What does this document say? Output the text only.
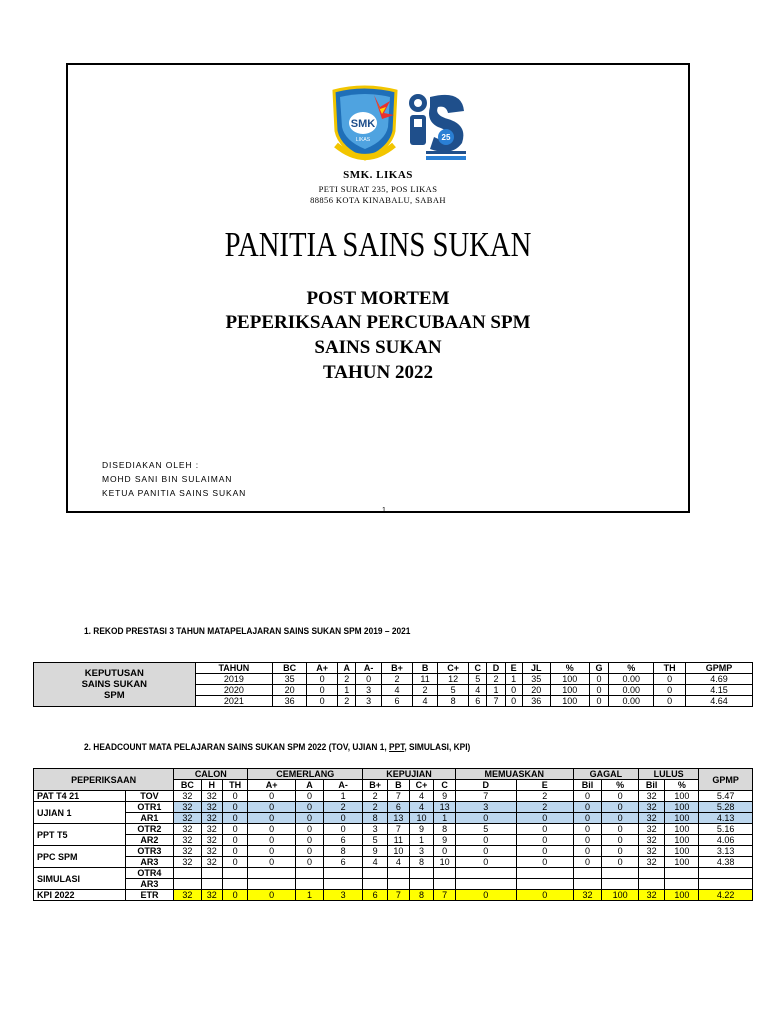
SMK
LIKAS	25
SMK. LIKAS
PETI SURAT 235, POS LIKAS
88856 KOTA KINABALU, SABAH
PANITIA SAINS SUKAN
POST MORTEM
PEPERIKSAAN PERCUBAAN SPM
SAINS SUKAN
TAHUN 2022
DISEDIAKAN OLEH :
MOHD SANI BIN SULAIMAN
KETUA PANITIA SAINS SUKAN
1
1. REKOD PRESTASI 3 TAHUN MATAPELAJARAN SAINS SUKAN SPM 2019 – 2021
KEPUTUSAN
SAINS SUKAN
SPM	TAHUN	BC	A+	A	A-	B+	B	C+	C	D	E	JL	%	G	%	TH	GPMP
	2019	35	0	2	0	2	11	12	5	2	1	35	100	0	0.00	0	4.69
	2020	20	0	1	3	4	2	5	4	1	0	20	100	0	0.00	0	4.15
	2021	36	0	2	3	6	4	8	6	7	0	36	100	0	0.00	0	4.64
2. HEADCOUNT MATA PELAJARAN SAINS SUKAN SPM 2022 (TOV, UJIAN 1, PPT, SIMULASI, KPI)
PEPERIKSAAN		CALON			CEMERLANG			KEPUJIAN				MEMUASKAN		GAGAL		LULUS		GPMP
		BC	H	TH	A+	A	A-	B+	B	C+	C	D	E	Bil	%	Bil	%	
PAT T4 21	TOV	32	32	0	0	0	1	2	7	4	9	7	2	0	0	32	100	5.47
UJIAN 1	OTR1	32	32	0	0	0	2	2	6	4	13	3	2	0	0	32	100	5.28
	AR1	32	32	0	0	0	0	8	13	10	1	0	0	0	0	32	100	4.13
PPT T5	OTR2	32	32	0	0	0	0	3	7	9	8	5	0	0	0	32	100	5.16
	AR2	32	32	0	0	0	6	5	11	1	9	0	0	0	0	32	100	4.06
PPC SPM	OTR3	32	32	0	0	0	8	9	10	3	0	0	0	0	0	32	100	3.13
	AR3	32	32	0	0	0	6	4	4	8	10	0	0	0	0	32	100	4.38
SIMULASI	OTR4																	
	AR3																	
KPI 2022	ETR	32	32	0	0	1	3	6	7	8	7	0	0	32	100	32	100	4.22
